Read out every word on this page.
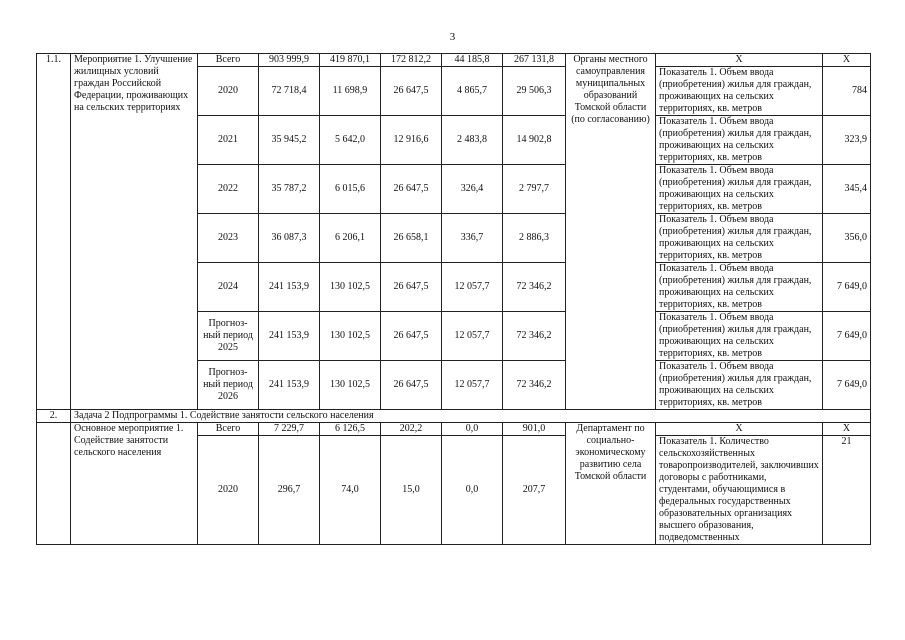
3
1.1.	Мероприятие 1. Улучшение жилищных условий граждан Российской Федерации, проживающих на сельских территориях	Всего	903 999,9	419 870,1	172 812,2	44 185,8	267 131,8	Органы местного самоуправления муниципальных образований Томской области (по согласованию)	Х	Х
		2020	72 718,4	11 698,9	26 647,5	4 865,7	29 506,3		Показатель 1. Объем ввода (приобретения) жилья для граждан, проживающих на сельских территориях, кв. метров	784
		2021	35 945,2	5 642,0	12 916,6	2 483,8	14 902,8		Показатель 1. Объем ввода (приобретения) жилья для граждан, проживающих на сельских территориях, кв. метров	323,9
		2022	35 787,2	6 015,6	26 647,5	326,4	2 797,7		Показатель 1. Объем ввода (приобретения) жилья для граждан, проживающих на сельских территориях, кв. метров	345,4
		2023	36 087,3	6 206,1	26 658,1	336,7	2 886,3		Показатель 1. Объем ввода (приобретения) жилья для граждан, проживающих на сельских территориях, кв. метров	356,0
		2024	241 153,9	130 102,5	26 647,5	12 057,7	72 346,2		Показатель 1. Объем ввода (приобретения) жилья для граждан, проживающих на сельских территориях, кв. метров	7 649,0
		Прогноз-ный период 2025	241 153,9	130 102,5	26 647,5	12 057,7	72 346,2		Показатель 1. Объем ввода (приобретения) жилья для граждан, проживающих на сельских территориях, кв. метров	7 649,0
		Прогноз-ный период 2026	241 153,9	130 102,5	26 647,5	12 057,7	72 346,2		Показатель 1. Объем ввода (приобретения) жилья для граждан, проживающих на сельских территориях, кв. метров	7 649,0
2.	Задача 2 Подпрограммы 1. Содействие занятости сельского населения									
	Основное мероприятие 1. Содействие занятости сельского населения	Всего	7 229,7	6 126,5	202,2	0,0	901,0	Департамент по социально-экономическому развитию села Томской области	Х	Х
		2020	296,7	74,0	15,0	0,0	207,7		Показатель 1. Количество сельскохозяйственных товаропроизводителей, заключивших договоры с работниками, студентами, обучающимися в федеральных государственных образовательных организациях высшего образования, подведомственных	21
